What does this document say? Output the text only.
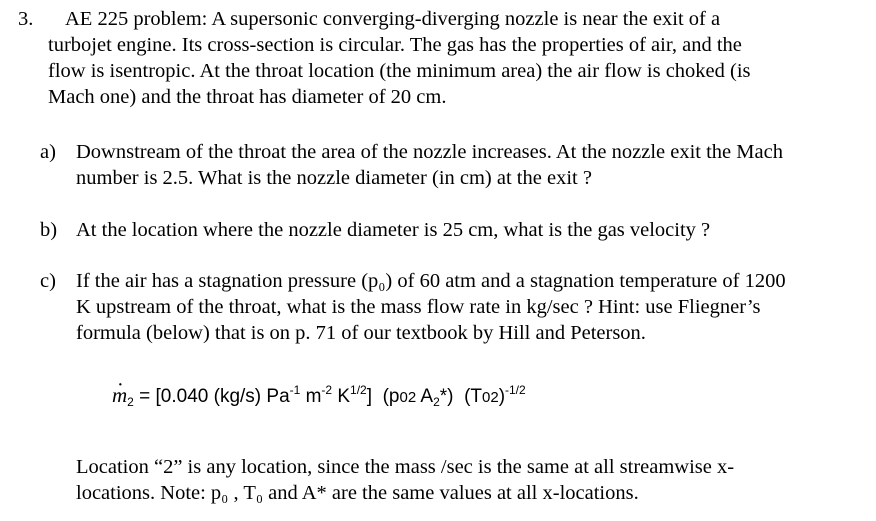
3. AE 225 problem: A supersonic converging-diverging nozzle is near the exit of a
turbojet engine. Its cross-section is circular. The gas has the properties of air, and the
flow is isentropic. At the throat location (the minimum area) the air flow is choked (is
Mach one) and the throat has diameter of 20 cm.
a) Downstream of the throat the area of the nozzle increases. At the nozzle exit the Mach
number is 2.5. What is the nozzle diameter (in cm) at the exit ?
b) At the location where the nozzle diameter is 25 cm, what is the gas velocity ?
c) If the air has a stagnation pressure (p₀) of 60 atm and a stagnation temperature of 1200
K upstream of the throat, what is the mass flow rate in kg/sec ? Hint: use Fliegner’s
formula (below) that is on p. 71 of our textbook by Hill and Peterson.
· $m_2 = [0.040$ (kg/s) $Pa^{-1}$ $m^{-2}$ $K^{1/2}$] (p02 $A_2*$) $(T02)^{-1/2}$
Location “2” is any location, since the mass /sec is the same at all streamwise x-
locations. Note: p₀ , T₀ and A* are the same values at all x-locations.
